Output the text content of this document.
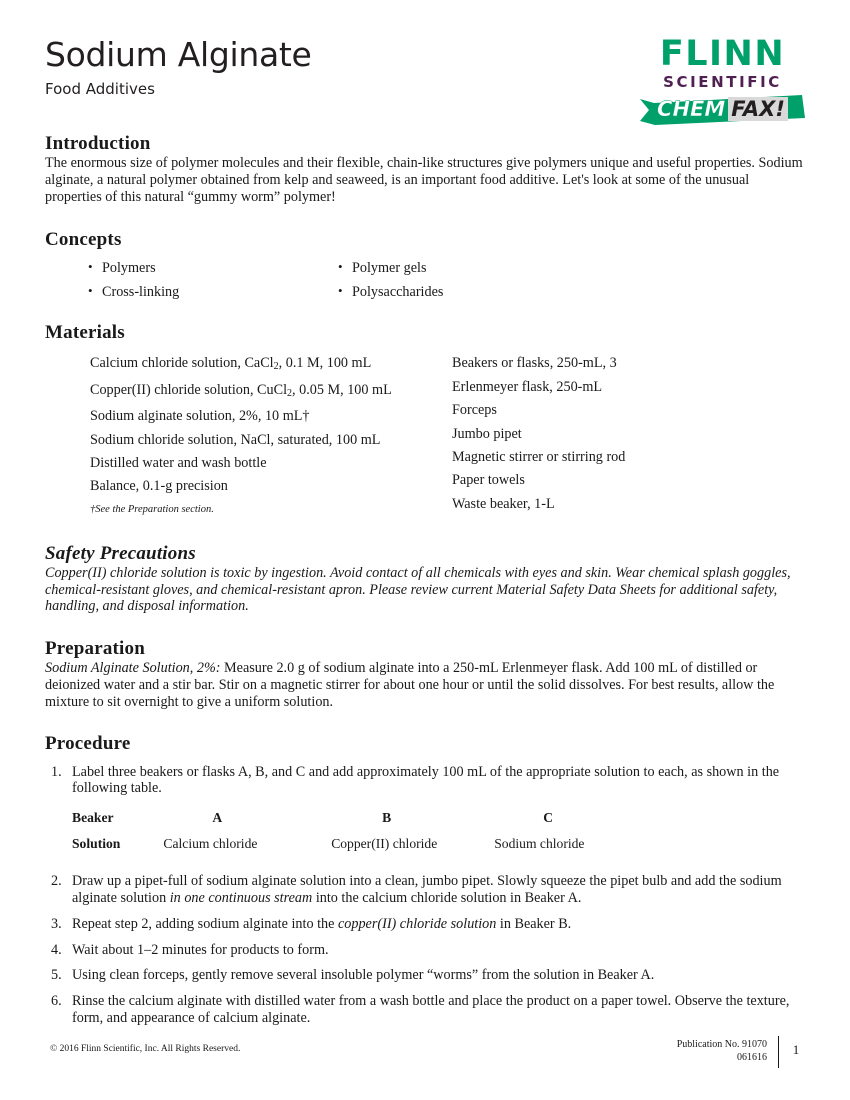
Sodium Alginate
Food Additives
FLINN
SCIENTIFIC
CHEM FAX!
Introduction

The enormous size of polymer molecules and their flexible, chain-like structures give polymers unique and useful properties. Sodium alginate, a natural polymer obtained from kelp and seaweed, is an important food additive. Let's look at some of the unusual properties of this natural “gummy worm” polymer!

Concepts
• Polymers	• Polymer gels
• Cross-linking	• Polysaccharides
Materials
Calcium chloride solution, CaCl$_2$, 0.1 M, 100 mL
Copper(II) chloride solution, CuCl$_2$, 0.05 M, 100 mL
Sodium alginate solution, 2%, 10 mL†
Sodium chloride solution, NaCl, saturated, 100 mL
Distilled water and wash bottle
Balance, 0.1-g precision
†See the Preparation section.
Beakers or flasks, 250-mL, 3
Erlenmeyer flask, 250-mL
Forceps
Jumbo pipet
Magnetic stirrer or stirring rod
Paper towels
Waste beaker, 1-L
Safety Precautions

Copper(II) chloride solution is toxic by ingestion. Avoid contact of all chemicals with eyes and skin. Wear chemical splash goggles, chemical-resistant gloves, and chemical-resistant apron. Please review current Material Safety Data Sheets for additional safety, handling, and disposal information.

Preparation

Sodium Alginate Solution, 2%: Measure 2.0 g of sodium alginate into a 250-mL Erlenmeyer flask. Add 100 mL of distilled or deionized water and a stir bar. Stir on a magnetic stirrer for about one hour or until the solid dissolves. For best results, allow the mixture to sit overnight to give a uniform solution.

Procedure
1. Label three beakers or flasks A, B, and C and add approximately 100 mL of the appropriate solution to each, as shown in the following table.
Beaker	A	B	C
Solution	Calcium chloride	Copper(II) chloride	Sodium chloride
2. Draw up a pipet-full of sodium alginate solution into a clean, jumbo pipet. Slowly squeeze the pipet bulb and add the sodium alginate solution in one continuous stream into the calcium chloride solution in Beaker A.
3. Repeat step 2, adding sodium alginate into the copper(II) chloride solution in Beaker B.
4. Wait about 1–2 minutes for products to form.
5. Using clean forceps, gently remove several insoluble polymer “worms” from the solution in Beaker A.
6. Rinse the calcium alginate with distilled water from a wash bottle and place the product on a paper towel. Observe the texture, form, and appearance of calcium alginate.
© 2016 Flinn Scientific, Inc. All Rights Reserved.	Publication No. 91070
061616	1
